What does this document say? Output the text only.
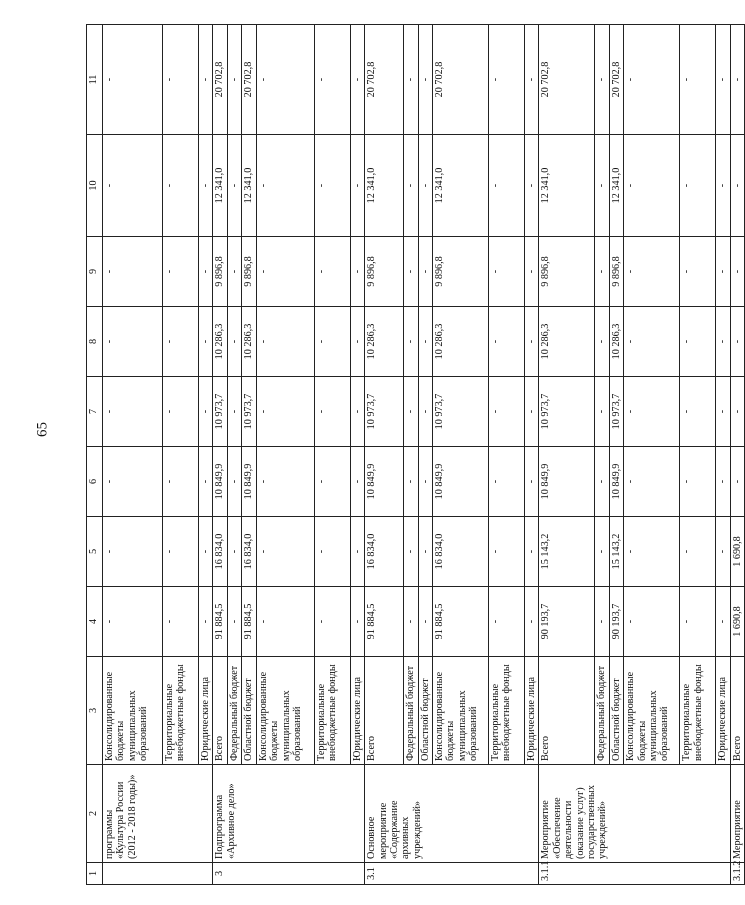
65
1	2	3	4	5	6	7	8	9	10	11
	программы «Культура России (2012 - 2018 годы)»	Консолидированные бюджеты муниципальных образований	-	-	-	-	-	-	-	-
		Территориальные внебюджетные фонды	-	-	-	-	-	-	-	-
		Юридические лица	-	-	-	-	-	-	-	-
3	Подпрограмма «Архивное дело»	Всего	91 884,5	16 834,0	10 849,9	10 973,7	10 286,3	9 896,8	12 341,0	20 702,8
		Федеральный бюджет	-	-	-	-	-	-	-	-
		Областной бюджет	91 884,5	16 834,0	10 849,9	10 973,7	10 286,3	9 896,8	12 341,0	20 702,8
		Консолидированные бюджеты муниципальных образований	-	-	-	-	-	-	-	-
		Территориальные внебюджетные фонды	-	-	-	-	-	-	-	-
		Юридические лица	-	-	-	-	-	-	-	-
3.1	Основное мероприятие «Содержание архивных учреждений»	Всего	91 884,5	16 834,0	10 849,9	10 973,7	10 286,3	9 896,8	12 341,0	20 702,8
		Федеральный бюджет	-	-	-	-	-	-	-	-
		Областной бюджет	-	-	-	-	-	-	-	-
		Консолидированные бюджеты муниципальных образований	91 884,5	16 834,0	10 849,9	10 973,7	10 286,3	9 896,8	12 341,0	20 702,8
		Территориальные внебюджетные фонды	-	-	-	-	-	-	-	-
		Юридические лица	-	-	-	-	-	-	-	-
3.1.1	Мероприятие «Обеспечение деятельности (оказание услуг) государственных учреждений»	Всего	90 193,7	15 143,2	10 849,9	10 973,7	10 286,3	9 896,8	12 341,0	20 702,8
		Федеральный бюджет	-	-	-	-	-	-	-	-
		Областной бюджет	90 193,7	15 143,2	10 849,9	10 973,7	10 286,3	9 896,8	12 341,0	20 702,8
		Консолидированные бюджеты муниципальных образований	-	-	-	-	-	-	-	-
		Территориальные внебюджетные фонды	-	-	-	-	-	-	-	-
		Юридические лица	-	-	-	-	-	-	-	-
3.1.2	Мероприятие	Всего	1 690,8	1 690,8	-	-	-	-	-	-
